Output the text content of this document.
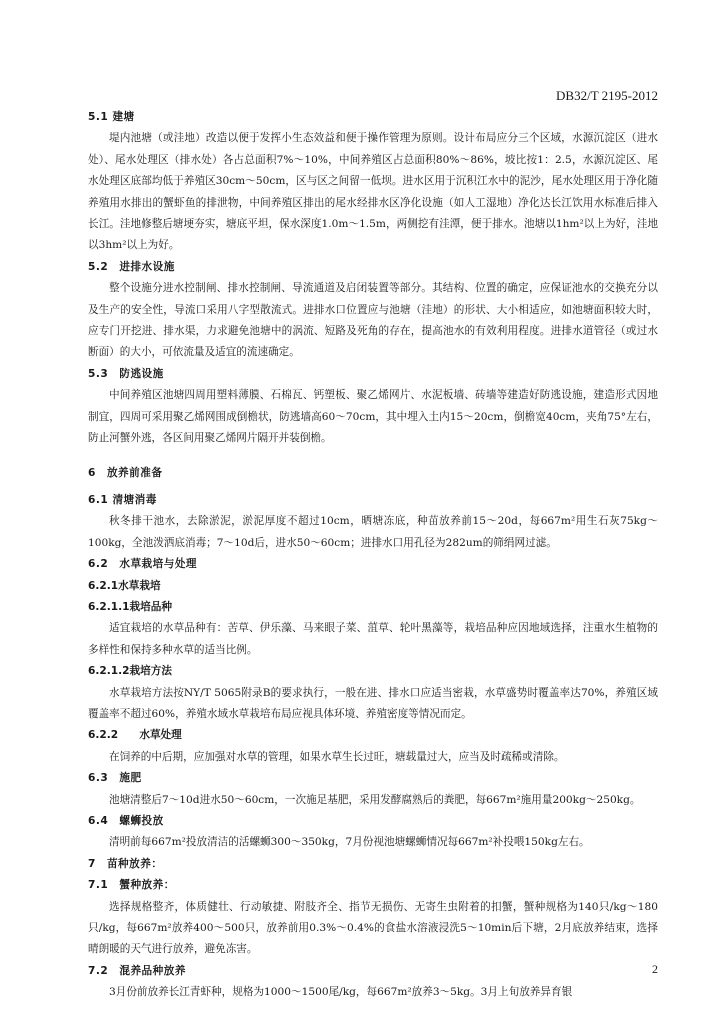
DB32/T 2195-2012

5.1 建塘

堤内池塘（或洼地）改造以便于发挥小生态效益和便于操作管理为原则。设计布局应分三个区域，水源沉淀区（进水处）、尾水处理区（排水处）各占总面积7%～10%，中间养殖区占总面积80%～86%，坡比按1：2.5，水源沉淀区、尾水处理区底部均低于养殖区30cm～50cm，区与区之间留一低坝。进水区用于沉积江水中的泥沙，尾水处理区用于净化随养殖用水排出的蟹虾鱼的排泄物，中间养殖区排出的尾水经排水区净化设施（如人工湿地）净化达长江饮用水标准后排入长江。洼地修整后塘埂夯实，塘底平坦，保水深度1.0m～1.5m，两侧挖有洼潭，便于排水。池塘以1hm²以上为好，洼地以3hm²以上为好。

5.2　进排水设施

整个设施分进水控制闸、排水控制闸、导流通道及启闭装置等部分。其结构、位置的确定，应保证池水的交换充分以及生产的安全性，导流口采用八字型散流式。进排水口位置应与池塘（洼地）的形状、大小相适应，如池塘面积较大时，应专门开挖进、排水渠，力求避免池塘中的涡流、短路及死角的存在，提高池水的有效利用程度。进排水道管径（或过水断面）的大小，可依流量及适宜的流速确定。

5.3　防逃设施

中间养殖区池塘四周用塑料薄膜、石棉瓦、钙塑板、聚乙烯网片、水泥板墙、砖墙等建造好防逃设施，建造形式因地制宜，四周可采用聚乙烯网围成倒檐状，防逃墙高60～70cm，其中埋入土内15～20cm，倒檐宽40cm，夹角75°左右，防止河蟹外逃，各区间用聚乙烯网片隔开并装倒檐。

6　放养前准备

6.1 清塘消毒

秋冬排干池水，去除淤泥，淤泥厚度不超过10cm，晒塘冻底，种苗放养前15～20d，每667m²用生石灰75kg～100kg，全池泼洒底消毒；7～10d后，进水50～60cm；进排水口用孔径为282um的筛绢网过滤。

6.2　水草栽培与处理

6.2.1水草栽培

6.2.1.1栽培品种

适宜栽培的水草品种有：苦草、伊乐藻、马来眼子菜、菹草、轮叶黑藻等，栽培品种应因地域选择，注重水生植物的多样性和保持多种水草的适当比例。

6.2.1.2栽培方法

水草栽培方法按NY/T 5065附录B的要求执行，一般在进、排水口应适当密栽，水草盛势时覆盖率达70%，养殖区域覆盖率不超过60%，养殖水域水草栽培布局应视具体环境、养殖密度等情况而定。

6.2.2　　水草处理

在饲养的中后期，应加强对水草的管理，如果水草生长过旺，塘载量过大，应当及时疏稀或清除。

6.3　施肥

池塘清整后7～10d进水50～60cm，一次施足基肥，采用发酵腐熟后的粪肥，每667m²施用量200kg～250kg。

6.4　螺蛳投放

清明前每667m²投放清洁的活螺蛳300～350kg，7月份视池塘螺蛳情况每667m²补投喂150kg左右。

7　苗种放养：

7.1　蟹种放养：

选择规格整齐，体质健壮、行动敏捷、附肢齐全、指节无损伤、无寄生虫附着的扣蟹，蟹种规格为140只/kg～180只/kg，每667m²放养400～500只，放养前用0.3%～0.4%的食盐水溶液浸洗5～10min后下塘，2月底放养结束，选择晴朗暖的天气进行放养，避免冻害。

7.2　混养品种放养

3月份前放养长江青虾种，规格为1000～1500尾/kg，每667m²放养3～5kg。3月上旬放养异育银

2
